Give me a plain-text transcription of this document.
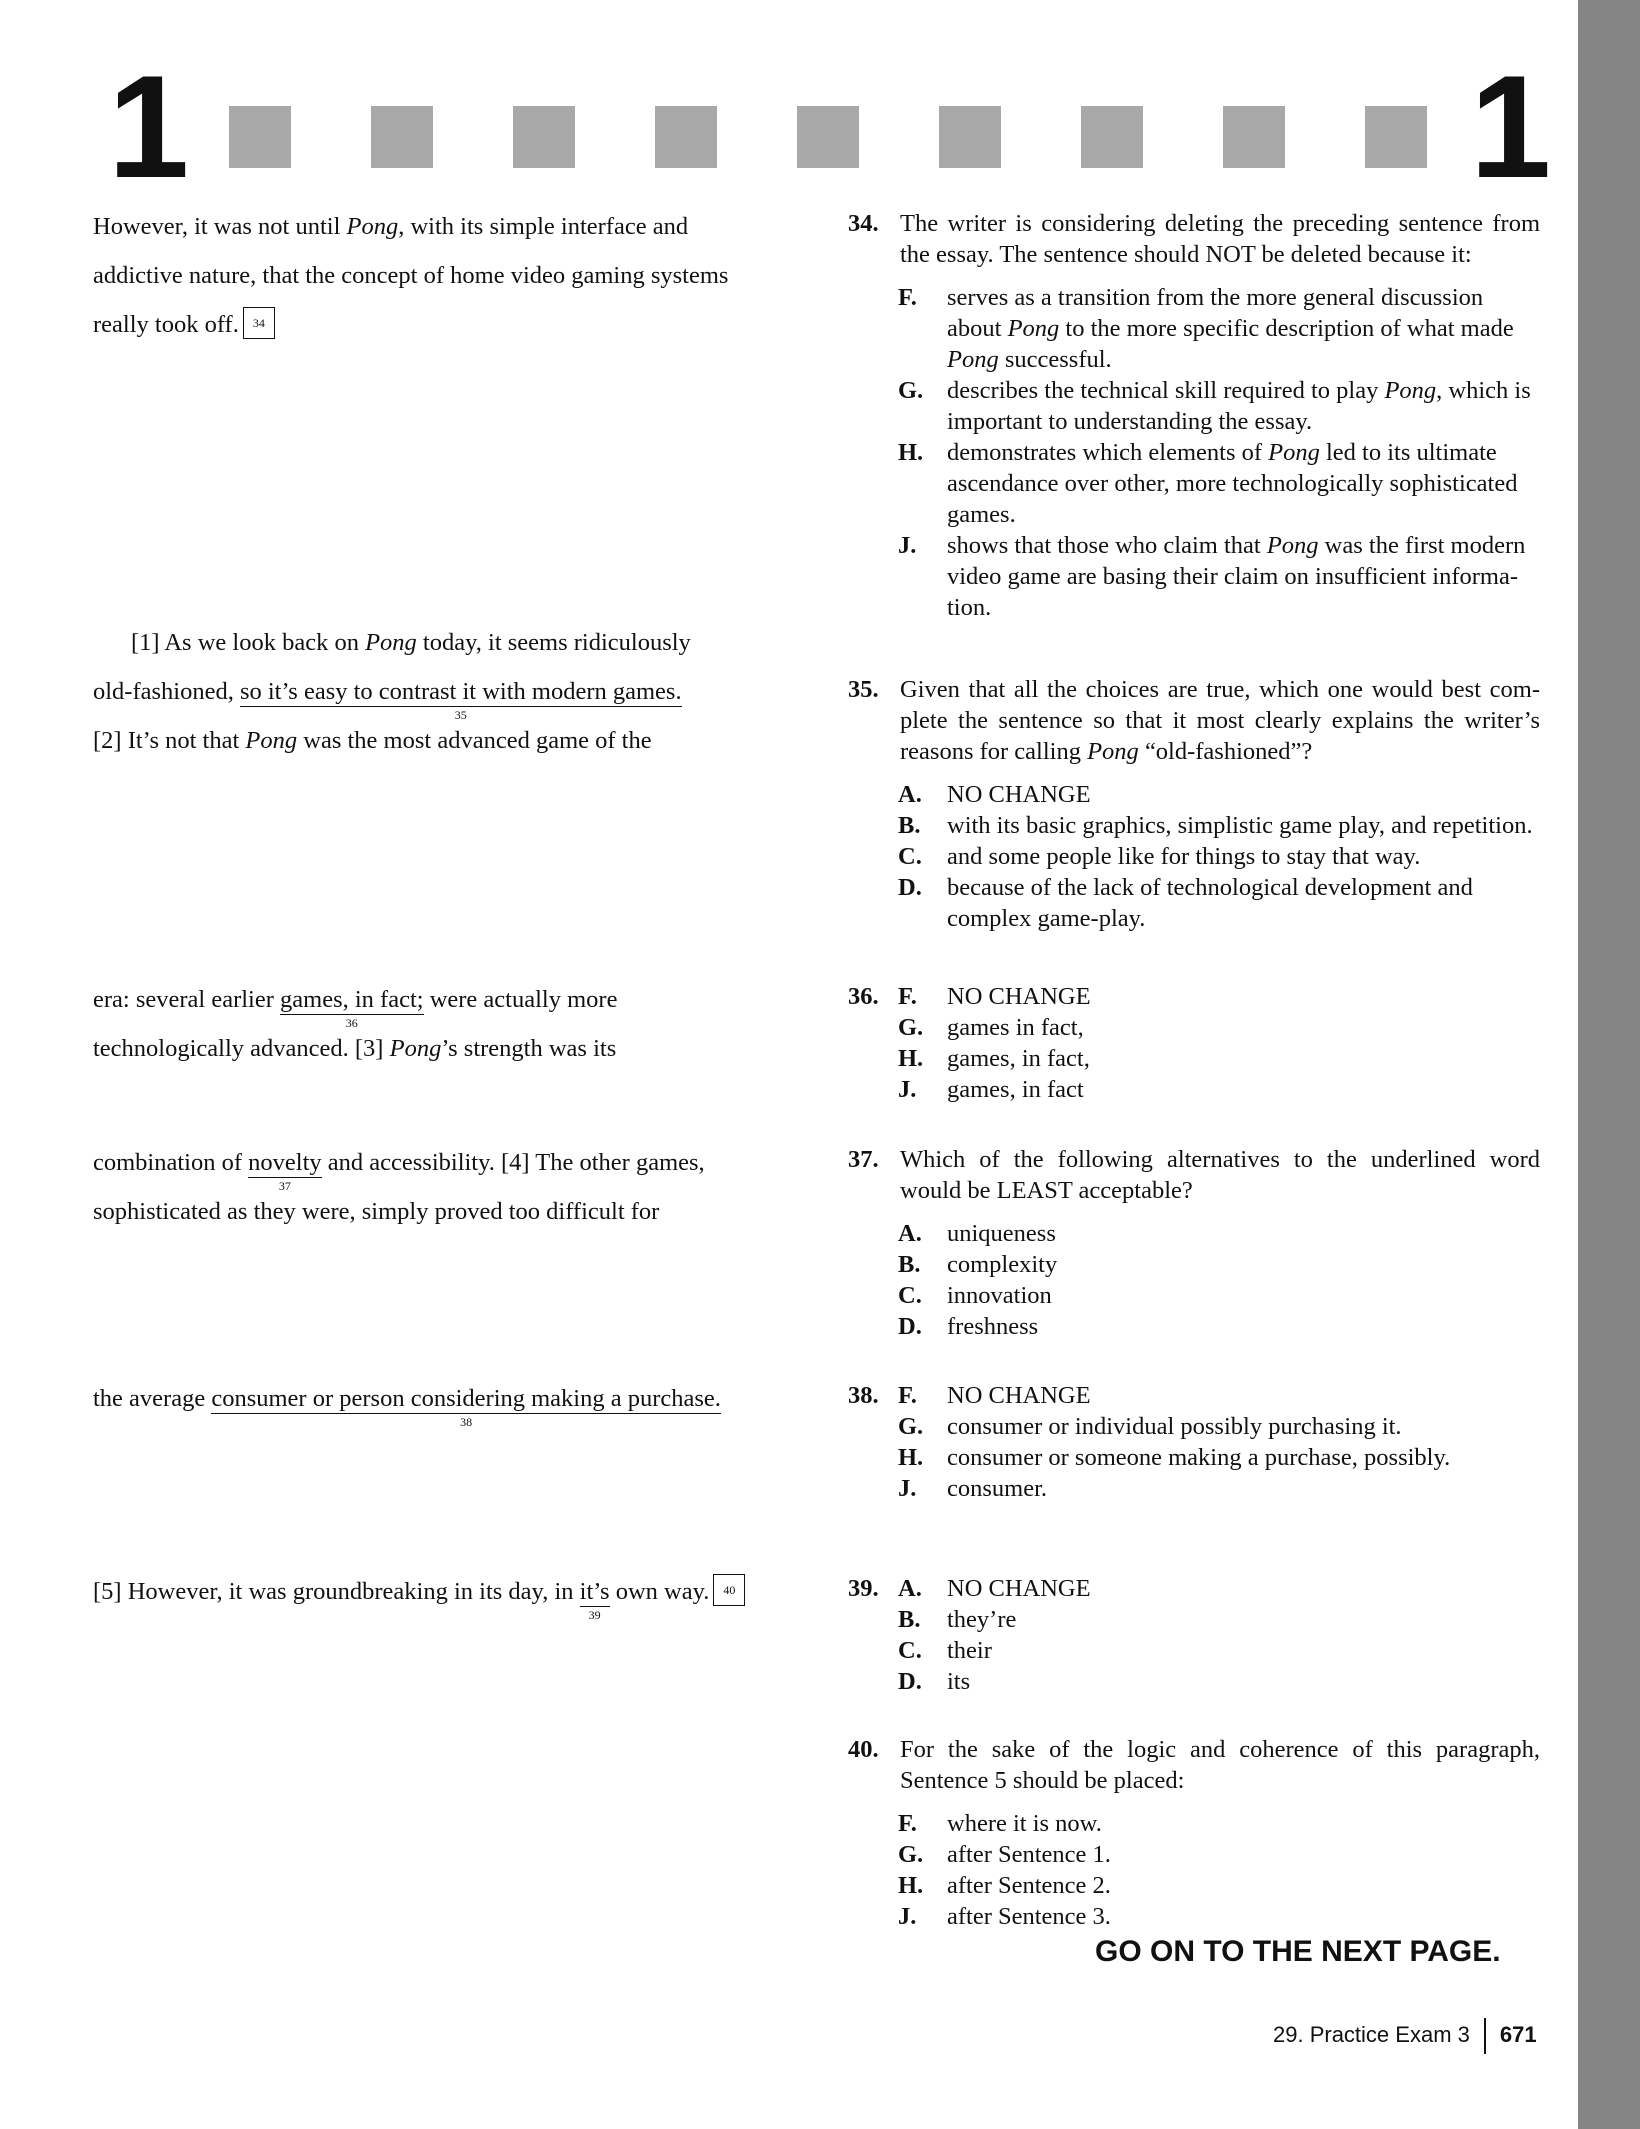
1	1
However, it was not until Pong, with its simple interface and
addictive nature, that the concept of home video gaming systems
really took off. 34
[1] As we look back on Pong today, it seems ridiculously
old-fashioned, so it’s easy to contrast it with modern games.
35
[2] It’s not that Pong was the most advanced game of the
era: several earlier games, in fact;
36
were actually more
technologically advanced. [3] Pong’s strength was its
combination of novelty
37
and accessibility. [4] The other games,
sophisticated as they were, simply proved too difficult for
the average consumer or person considering making a purchase.
38
[5] However, it was groundbreaking in its day, in it’s
39
own way. 40
34. The writer is considering deleting the preceding sentence from the essay. The sentence should NOT be deleted because it:
F. serves as a transition from the more general discussion about Pong to the more specific description of what made Pong successful.
G. describes the technical skill required to play Pong, which is important to understanding the essay.
H. demonstrates which elements of Pong led to its ultimate ascendance over other, more technologically sophisticated games.
J. shows that those who claim that Pong was the first modern video game are basing their claim on insufficient informa-tion.
35. Given that all the choices are true, which one would best com-plete the sentence so that it most clearly explains the writer’s reasons for calling Pong “old-fashioned”?
A. NO CHANGE
B. with its basic graphics, simplistic game play, and repetition.
C. and some people like for things to stay that way.
D. because of the lack of technological development and complex game-play.
36. F. NO CHANGE
G. games in fact,
H. games, in fact,
J. games, in fact
37. Which of the following alternatives to the underlined word would be LEAST acceptable?
A. uniqueness
B. complexity
C. innovation
D. freshness
38. F. NO CHANGE
G. consumer or individual possibly purchasing it.
H. consumer or someone making a purchase, possibly.
J. consumer.
39. A. NO CHANGE
B. they’re
C. their
D. its
40. For the sake of the logic and coherence of this paragraph, Sentence 5 should be placed:
F. where it is now.
G. after Sentence 1.
H. after Sentence 2.
J. after Sentence 3.
GO ON TO THE NEXT PAGE.
29. Practice Exam 3 671
